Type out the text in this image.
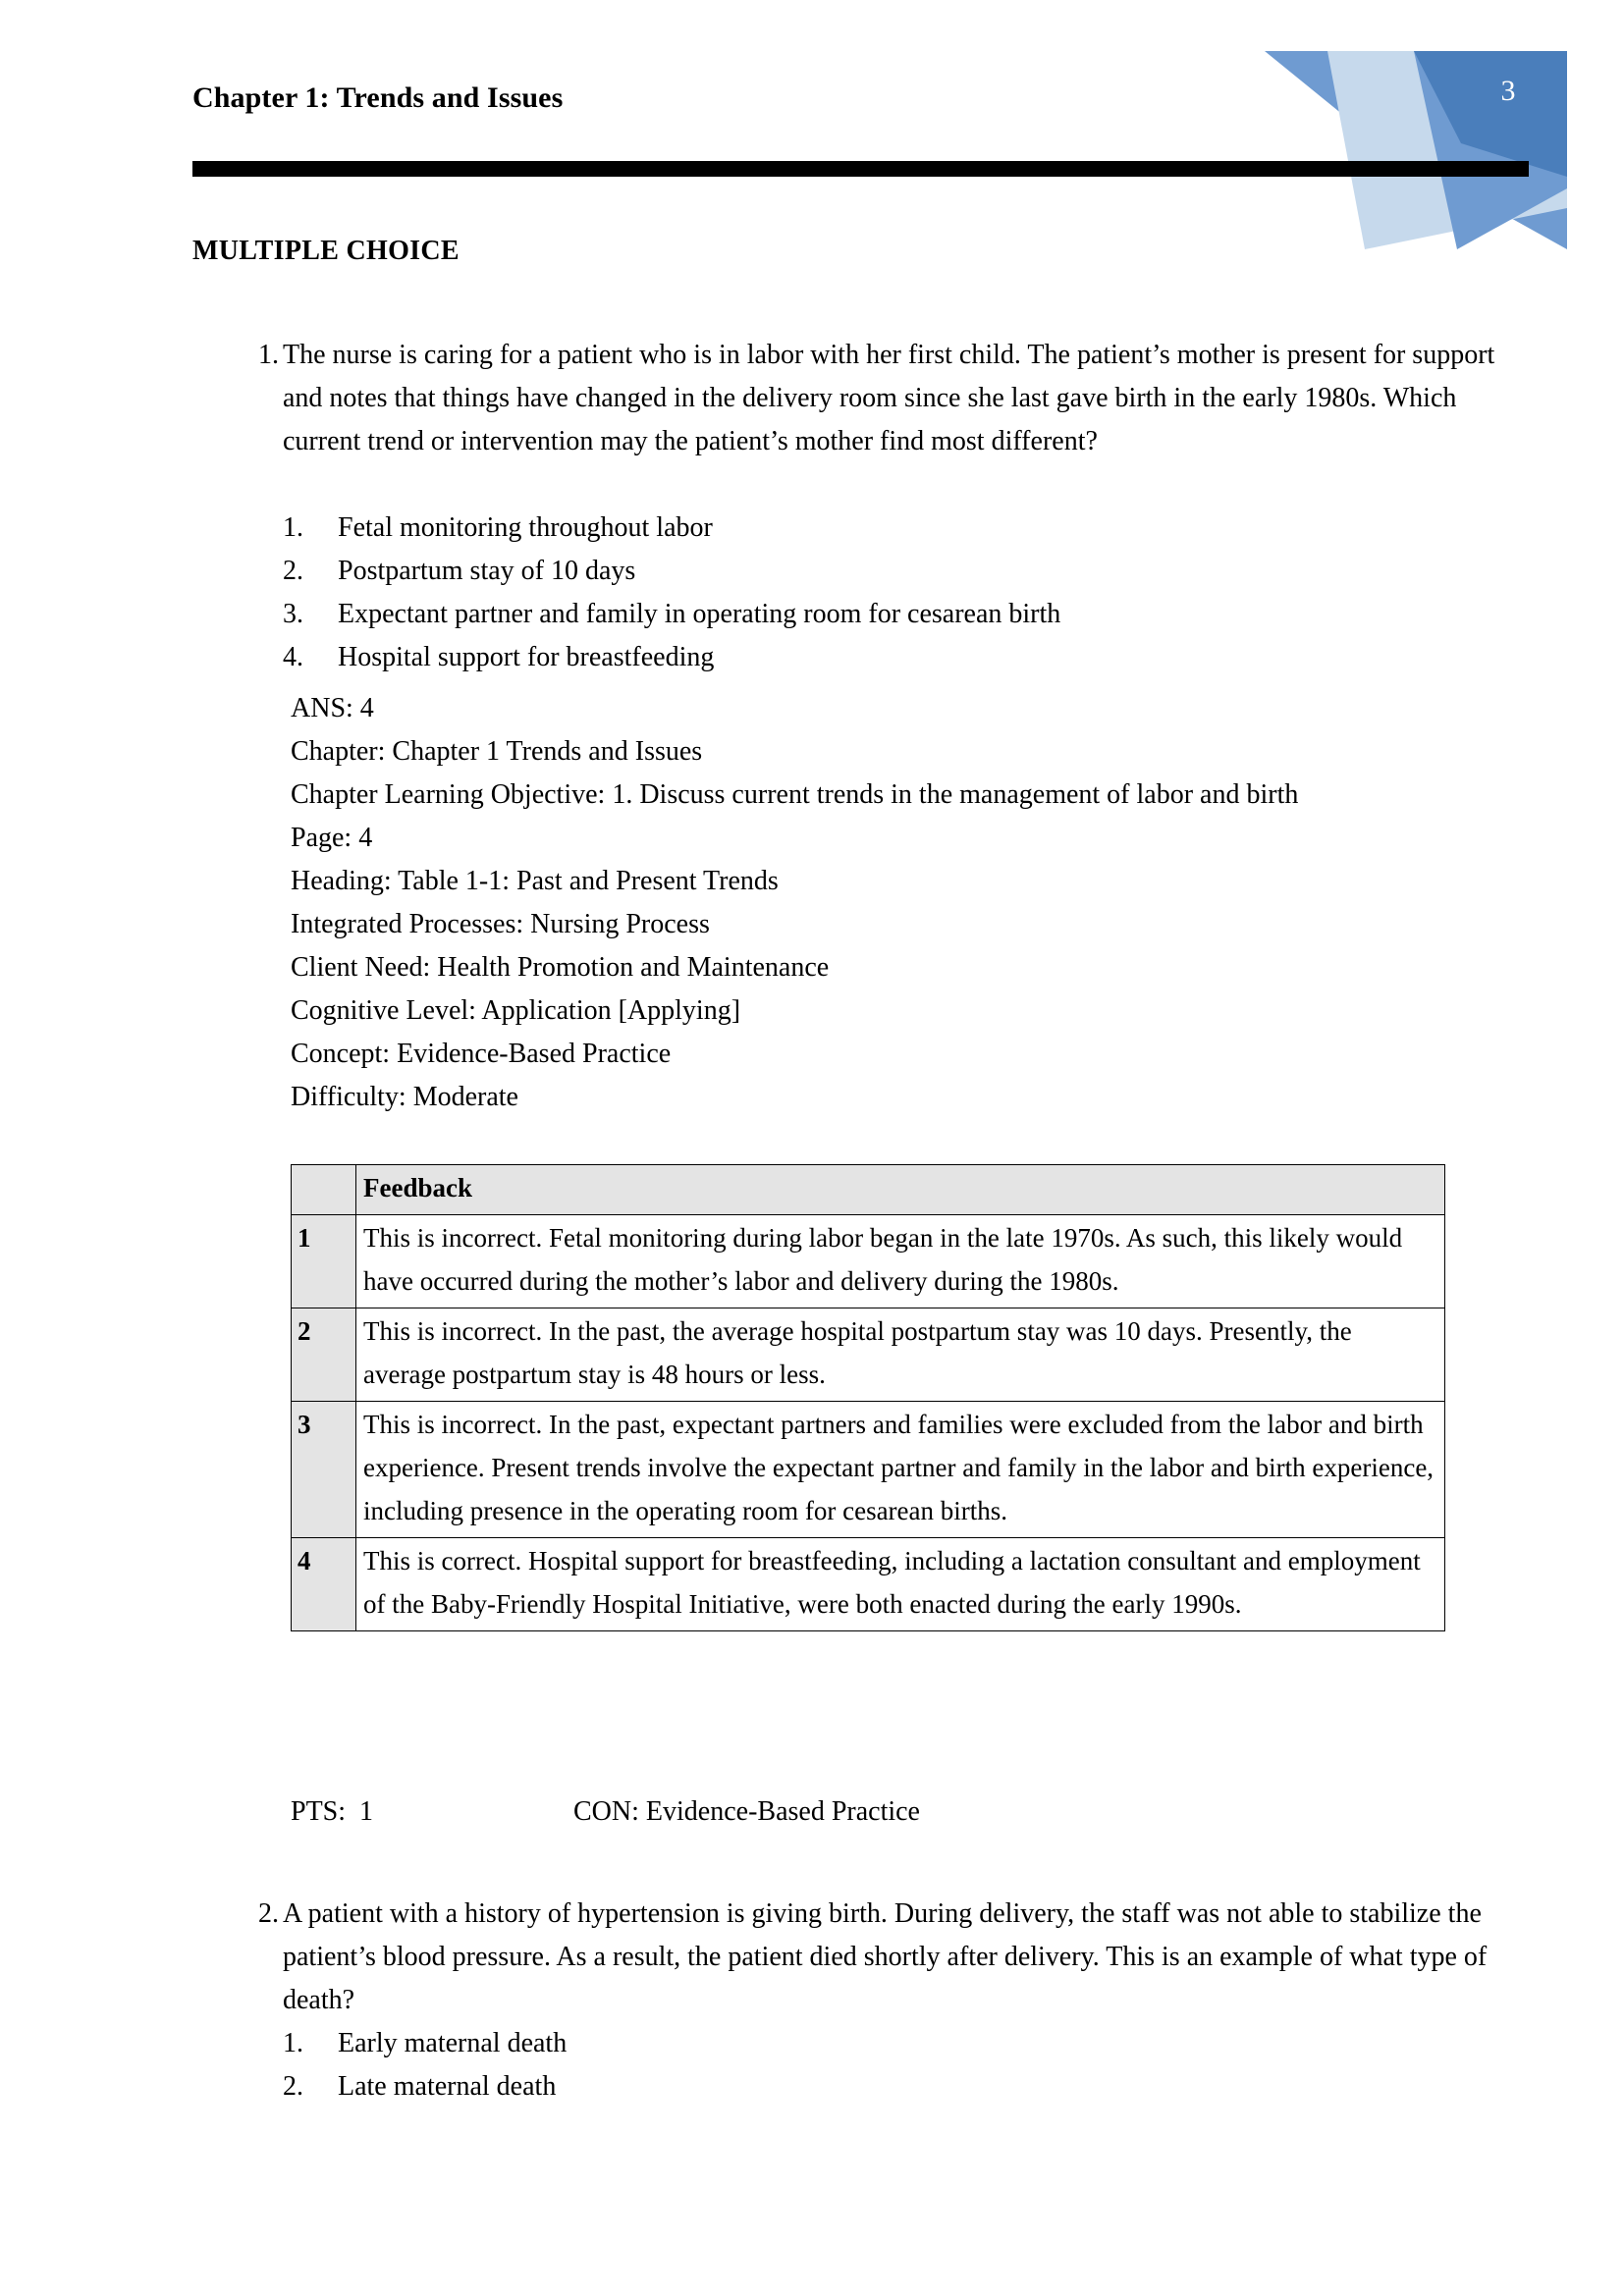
3
Chapter 1: Trends and Issues
MULTIPLE CHOICE
1. The nurse is caring for a patient who is in labor with her first child. The patient’s mother is present for support and notes that things have changed in the delivery room since she last gave birth in the early 1980s. Which current trend or intervention may the patient’s mother find most different?
1. Fetal monitoring throughout labor
2. Postpartum stay of 10 days
3. Expectant partner and family in operating room for cesarean birth
4. Hospital support for breastfeeding
ANS: 4
Chapter: Chapter 1 Trends and Issues
Chapter Learning Objective: 1. Discuss current trends in the management of labor and birth
Page: 4
Heading: Table 1-1: Past and Present Trends
Integrated Processes: Nursing Process
Client Need: Health Promotion and Maintenance
Cognitive Level: Application [Applying]
Concept: Evidence-Based Practice
Difficulty: Moderate
	Feedback
1	This is incorrect. Fetal monitoring during labor began in the late 1970s. As such, this likely would have occurred during the mother’s labor and delivery during the 1980s.
2	This is incorrect. In the past, the average hospital postpartum stay was 10 days. Presently, the average postpartum stay is 48 hours or less.
3	This is incorrect. In the past, expectant partners and families were excluded from the labor and birth experience. Present trends involve the expectant partner and family in the labor and birth experience, including presence in the operating room for cesarean births.
4	This is correct. Hospital support for breastfeeding, including a lactation consultant and employment of the Baby-Friendly Hospital Initiative, were both enacted during the early 1990s.
PTS: 1	CON: Evidence-Based Practice
2. A patient with a history of hypertension is giving birth. During delivery, the staff was not able to stabilize the patient’s blood pressure. As a result, the patient died shortly after delivery. This is an example of what type of death?
1. Early maternal death
2. Late maternal death
